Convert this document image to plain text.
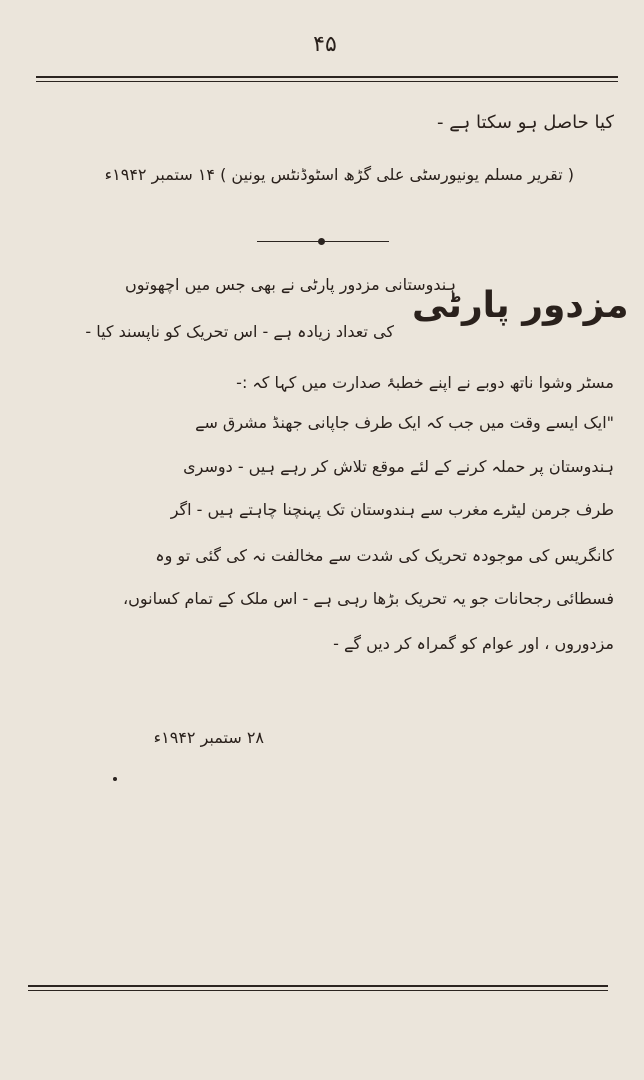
۴۵
کیا حاصل ہو سکتا ہے -
( تقریر مسلم یونیورسٹی علی گڑھ اسٹوڈنٹس یونین ) ۱۴ ستمبر ۱۹۴۲ء
مزدور پارٹی
ہندوستانی مزدور پارٹی نے بھی جس میں اچھوتوں
کی تعداد زیادہ ہے - اس تحریک کو ناپسند کیا -
مسٹر وشوا ناتھ دوبے نے اپنے خطبۂ صدارت میں کہا کہ :-
"ایک ایسے وقت میں جب کہ ایک طرف جاپانی جھنڈ مشرق سے
ہندوستان پر حملہ کرنے کے لئے موقع تلاش کر رہے ہیں - دوسری
طرف جرمن لیٹرے مغرب سے ہندوستان تک پہنچنا چاہتے ہیں - اگر
کانگریس کی موجودہ تحریک کی شدت سے مخالفت نہ کی گئی تو وہ
فسطائی رجحانات جو یہ تحریک بڑھا رہی ہے - اس ملک کے تمام کسانوں،
مزدوروں ، اور عوام کو گمراہ کر دیں گے -
۲۸ ستمبر ۱۹۴۲ء
